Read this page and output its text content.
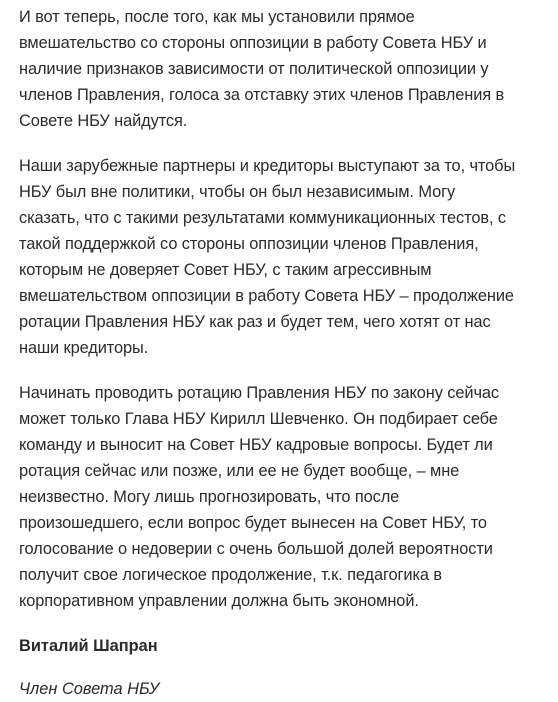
И вот теперь, после того, как мы установили прямое
вмешательство со стороны оппозиции в работу Совета НБУ и
наличие признаков зависимости от политической оппозиции у
членов Правления, голоса за отставку этих членов Правления в
Совете НБУ найдутся.

Наши зарубежные партнеры и кредиторы выступают за то, чтобы
НБУ был вне политики, чтобы он был независимым. Могу
сказать, что с такими результатами коммуникационных тестов, с
такой поддержкой со стороны оппозиции членов Правления,
которым не доверяет Совет НБУ, с таким агрессивным
вмешательством оппозиции в работу Совета НБУ – продолжение
ротации Правления НБУ как раз и будет тем, чего хотят от нас
наши кредиторы.

Начинать проводить ротацию Правления НБУ по закону сейчас
может только Глава НБУ Кирилл Шевченко. Он подбирает себе
команду и выносит на Совет НБУ кадровые вопросы. Будет ли
ротация сейчас или позже, или ее не будет вообще, – мне
неизвестно. Могу лишь прогнозировать, что после
произошедшего, если вопрос будет вынесен на Совет НБУ, то
голосование о недоверии с очень большой долей вероятности
получит свое логическое продолжение, т.к. педагогика в
корпоративном управлении должна быть экономной.

Виталий Шапран

Член Совета НБУ
